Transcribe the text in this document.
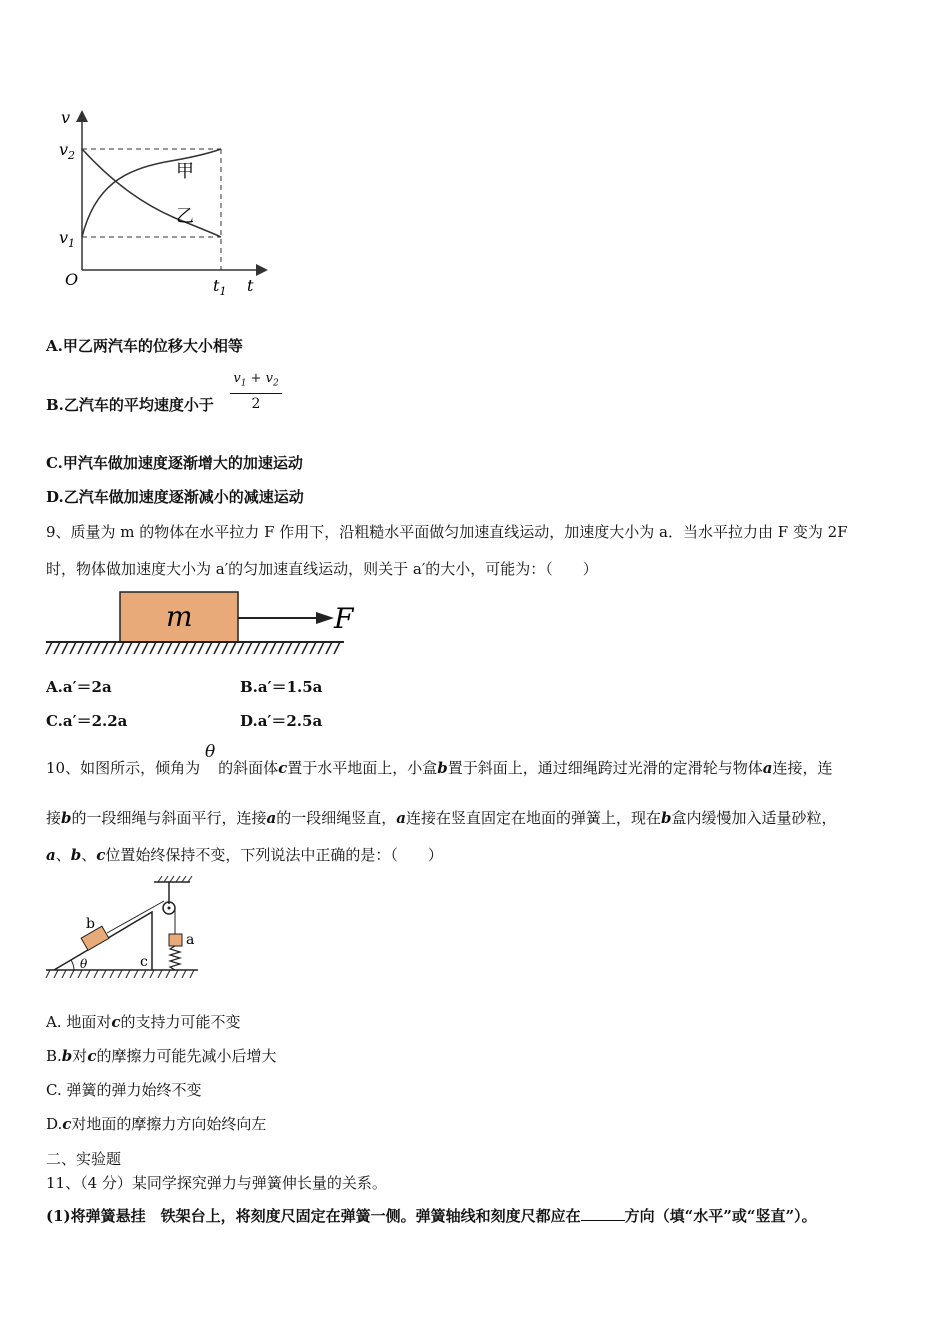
v
$v_2$
$v_1$
O	$t_1$ t
甲
乙
A.甲乙两汽车的位移大小相等
B.乙汽车的平均速度小于 $\frac{v_1 + v_2}{2}$
C.甲汽车做加速度逐渐增大的加速运动
D.乙汽车做加速度逐渐减小的减速运动
9、质量为 m 的物体在水平拉力 F 作用下，沿粗糙水平面做匀加速直线运动，加速度大小为 a．当水平拉力由 F 变为 2F
时，物体做加速度大小为 a′的匀加速直线运动，则关于 a′的大小，可能为：（　　）
m	F
A.a′＝2a	B.a′＝1.5a
C.a′＝2.2a	D.a′＝2.5a
θ
10、如图所示，倾角为 的斜面体c置于水平地面上，小盒b置于斜面上，通过细绳跨过光滑的定滑轮与物体a连接，连
接b的一段细绳与斜面平行，连接a的一段细绳竖直，a连接在竖直固定在地面的弹簧上，现在b盒内缓慢加入适量砂粒，
a、b、c位置始终保持不变，下列说法中正确的是：（　　）
θ
b
c
a
A. 地面对c的支持力可能不变
B.b对c的摩擦力可能先减小后增大
C. 弹簧的弹力始终不变
D.c对地面的摩擦力方向始终向左
二、实验题
11、（4 分）某同学探究弹力与弹簧伸长量的关系。
(1)将弹簧悬挂　铁架台上，将刻度尺固定在弹簧一侧。弹簧轴线和刻度尺都应在	方向（填“水平”或“竖直”）。
